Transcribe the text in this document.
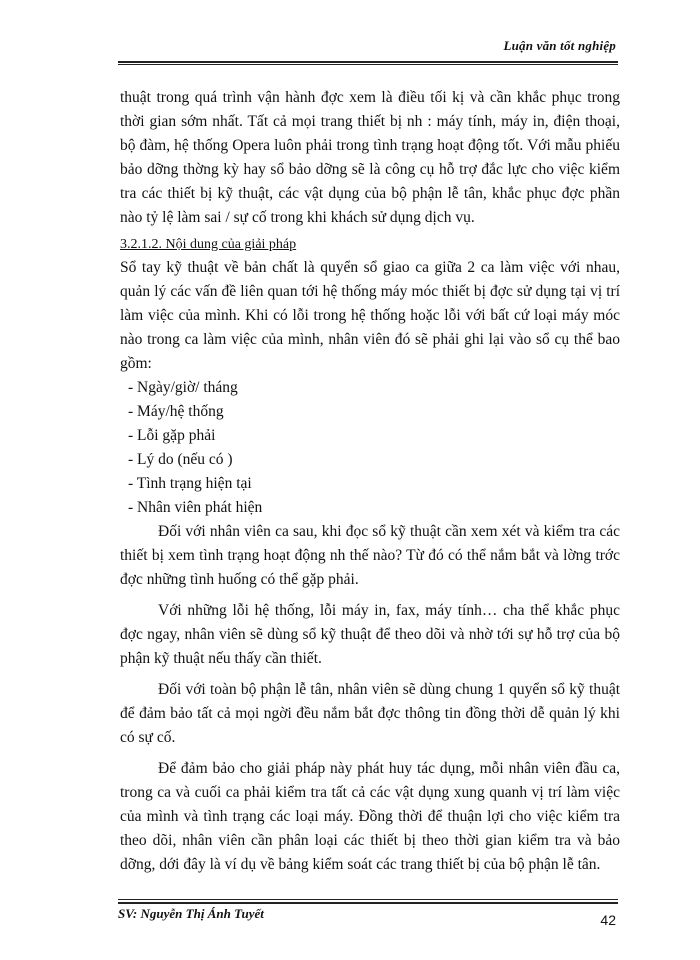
Luận văn tốt nghiệp

thuật trong quá trình vận hành đợc xem là điều tối kị và cần khắc phục trong thời gian sớm nhất. Tất cả mọi trang thiết bị nh : máy tính, máy in, điện thoại, bộ đàm, hệ thống Opera luôn phải trong tình trạng hoạt động tốt. Với mẫu phiếu bảo dỡng thờng kỳ hay sổ bảo dỡng sẽ là công cụ hỗ trợ đắc lực cho việc kiểm tra các thiết bị kỹ thuật, các vật dụng của bộ phận lễ tân, khắc phục đợc phần nào tỷ lệ làm sai / sự cố trong khi khách sử dụng dịch vụ.

3.2.1.2. Nội dung của giải pháp

Sổ tay kỹ thuật về bản chất là quyển sổ giao ca giữa 2 ca làm việc với nhau, quản lý các vấn đề liên quan tới hệ thống máy móc thiết bị đợc sử dụng tại vị trí làm việc của mình. Khi có lỗi trong hệ thống hoặc lỗi với bất cứ loại máy móc nào trong ca làm việc của mình, nhân viên đó sẽ phải ghi lại vào sổ cụ thể bao gồm:

- Ngày/giờ/ tháng
- Máy/hệ thống
- Lỗi gặp phải
- Lý do (nếu có )
- Tình trạng hiện tại
- Nhân viên phát hiện

Đối với nhân viên ca sau, khi đọc sổ kỹ thuật cần xem xét và kiểm tra các thiết bị xem tình trạng hoạt động nh thế nào? Từ đó có thể nắm bắt và lờng trớc đợc những tình huống có thể gặp phải.

Với những lỗi hệ thống, lỗi máy in, fax, máy tính… cha thể khắc phục đợc ngay, nhân viên sẽ dùng sổ kỹ thuật để theo dõi và nhờ tới sự hỗ trợ của bộ phận kỹ thuật nếu thấy cần thiết.

Đối với toàn bộ phận lễ tân, nhân viên sẽ dùng chung 1 quyển sổ kỹ thuật để đảm bảo tất cả mọi ngời đều nắm bắt đợc thông tin đồng thời dễ quản lý khi có sự cố.

Để đảm bảo cho giải pháp này phát huy tác dụng, mỗi nhân viên đầu ca, trong ca và cuối ca phải kiểm tra tất cả các vật dụng xung quanh vị trí làm việc của mình và tình trạng các loại máy. Đồng thời để thuận lợi cho việc kiểm tra theo dõi, nhân viên cần phân loại các thiết bị theo thời gian kiểm tra và bảo dỡng, dới đây là ví dụ về bảng kiểm soát các trang thiết bị của bộ phận lễ tân.

SV: Nguyễn Thị Ánh Tuyết	42
